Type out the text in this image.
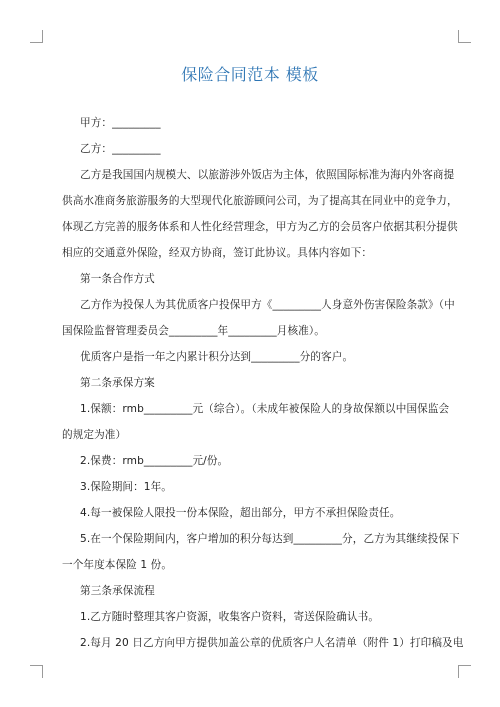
保险合同范本 模板
甲方：_________
乙方：_________
乙方是我国国内规模大、以旅游涉外饭店为主体，依照国际标准为海内外客商提
供高水准商务旅游服务的大型现代化旅游顾问公司，为了提高其在同业中的竞争力，
体现乙方完善的服务体系和人性化经营理念，甲方为乙方的会员客户依据其积分提供
相应的交通意外保险，经双方协商，签订此协议。具体内容如下：
第一条合作方式
乙方作为投保人为其优质客户投保甲方《_________人身意外伤害保险条款》（中
国保险监督管理委员会_________年_________月核准）。
优质客户是指一年之内累计积分达到_________分的客户。
第二条承保方案
1.保额：rmb_________元（综合）。（未成年被保险人的身故保额以中国保监会
的规定为准）
2.保费：rmb_________元/份。
3.保险期间：1年。
4.每一被保险人限投一份本保险，超出部分，甲方不承担保险责任。
5.在一个保险期间内，客户增加的积分每达到_________分，乙方为其继续投保下
一个年度本保险 1 份。
第三条承保流程
1.乙方随时整理其客户资源，收集客户资料，寄送保险确认书。
2.每月 20 日乙方向甲方提供加盖公章的优质客户人名清单（附件 1）打印稿及电
